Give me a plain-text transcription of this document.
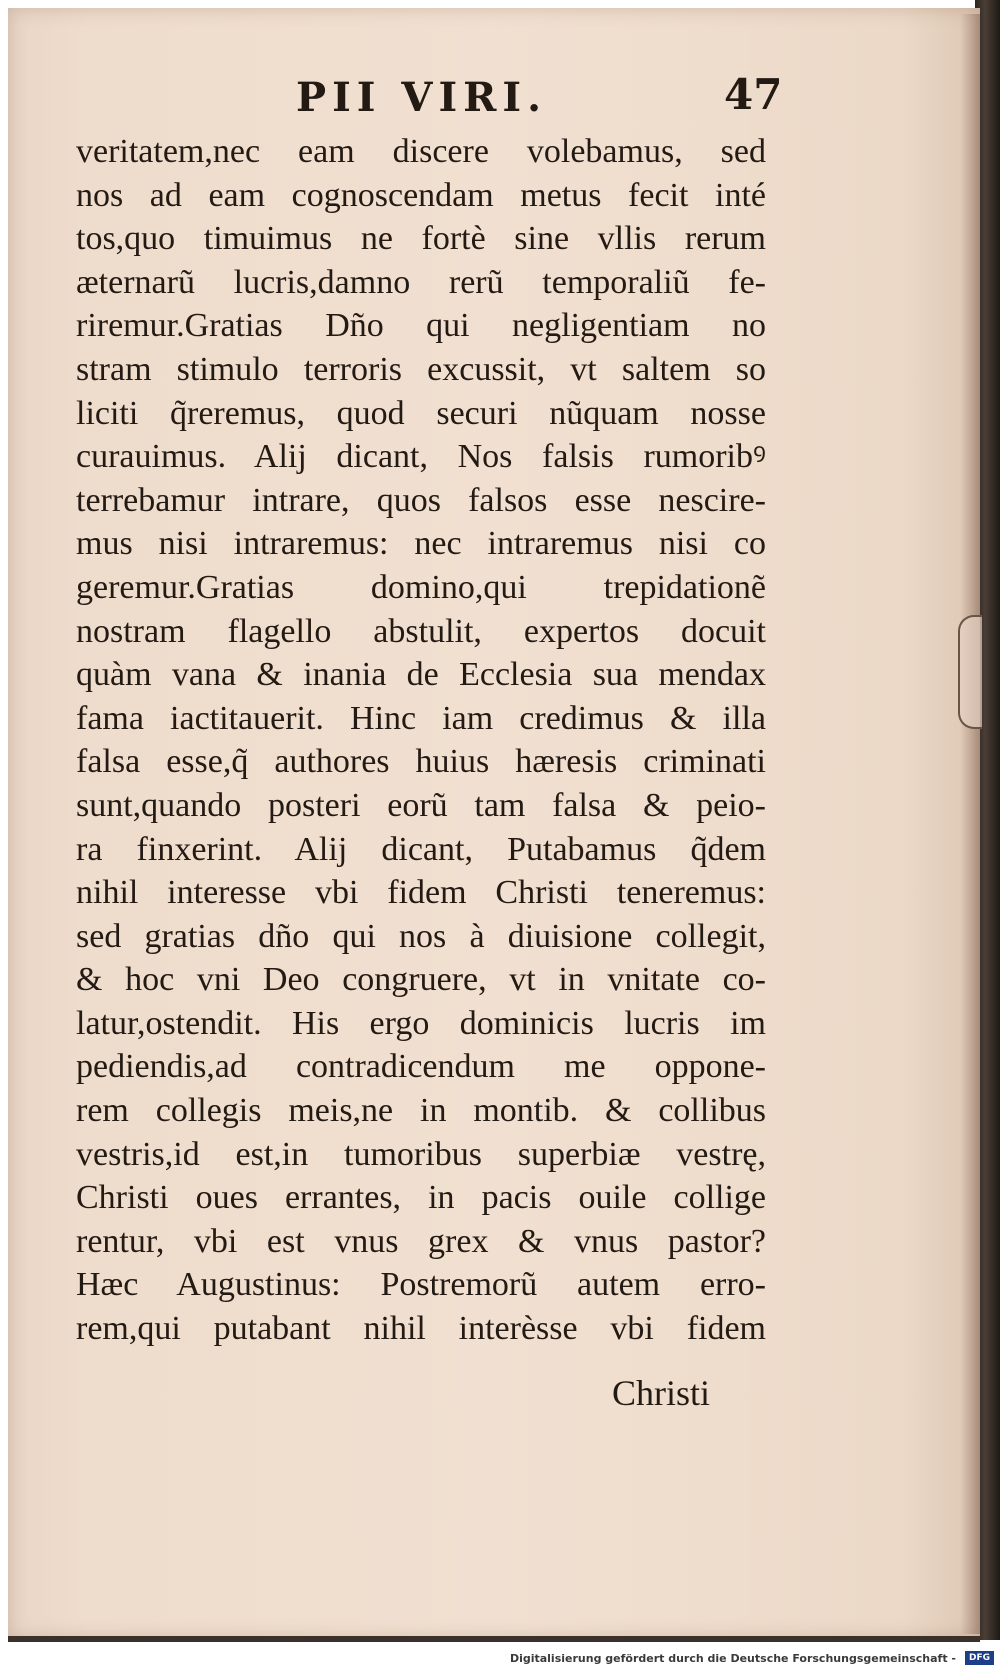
PII VIRI.	47
veritatem,nec eam discere volebamus, sed
nos ad eam cognoscendam metus fecit inté
tos,quo timuimus ne fortè sine vllis rerum
æternarũ lucris,damno rerũ temporaliũ fe-
riremur.Gratias Dño qui negligentiam no
stram stimulo terroris excussit, vt saltem so
liciti q̃reremus, quod securi nũquam nosse
curauimus. Alij dicant, Nos falsis rumoribꝰ
terrebamur intrare, quos falsos esse nescire-
mus nisi intraremus: nec intraremus nisi co
geremur.Gratias domino,qui trepidationẽ
nostram flagello abstulit, expertos docuit
quàm vana & inania de Ecclesia sua mendax
fama iactitauerit. Hinc iam credimus & illa
falsa esse,q̃ authores huius hæresis criminati
sunt,quando posteri eorũ tam falsa & peio-
ra finxerint. Alij dicant, Putabamus q̃dem
nihil interesse vbi fidem Christi teneremus:
sed gratias dño qui nos à diuisione collegit,
& hoc vni Deo congruere, vt in vnitate co-
latur,ostendit. His ergo dominicis lucris im
pediendis,ad contradicendum me oppone-
rem collegis meis,ne in montib. & collibus
vestris,id est,in tumoribus superbiæ vestrę,
Christi oues errantes, in pacis ouile collige
rentur, vbi est vnus grex & vnus pastor?
Hæc Augustinus: Postremorũ autem erro-
rem,qui putabant nihil interèsse vbi fidem
Christi
Digitalisierung gefördert durch die Deutsche Forschungsgemeinschaft -	DFG
